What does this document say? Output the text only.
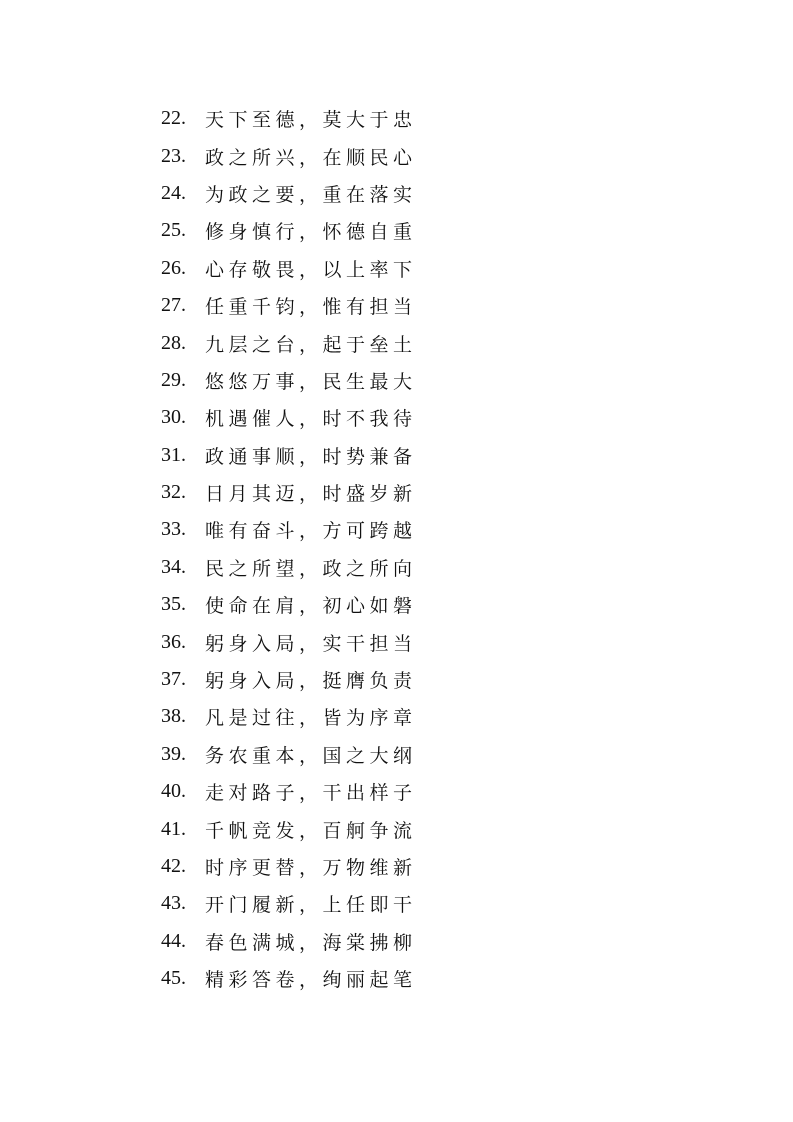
22.	天下至德，莫大于忠
23.	政之所兴，在顺民心
24.	为政之要，重在落实
25.	修身慎行，怀德自重
26.	心存敬畏，以上率下
27.	任重千钧，惟有担当
28.	九层之台，起于垒土
29.	悠悠万事，民生最大
30.	机遇催人，时不我待
31.	政通事顺，时势兼备
32.	日月其迈，时盛岁新
33.	唯有奋斗，方可跨越
34.	民之所望，政之所向
35.	使命在肩，初心如磐
36.	躬身入局，实干担当
37.	躬身入局，挺膺负责
38.	凡是过往，皆为序章
39.	务农重本，国之大纲
40.	走对路子，干出样子
41.	千帆竞发，百舸争流
42.	时序更替，万物维新
43.	开门履新，上任即干
44.	春色满城，海棠拂柳
45.	精彩答卷，绚丽起笔
